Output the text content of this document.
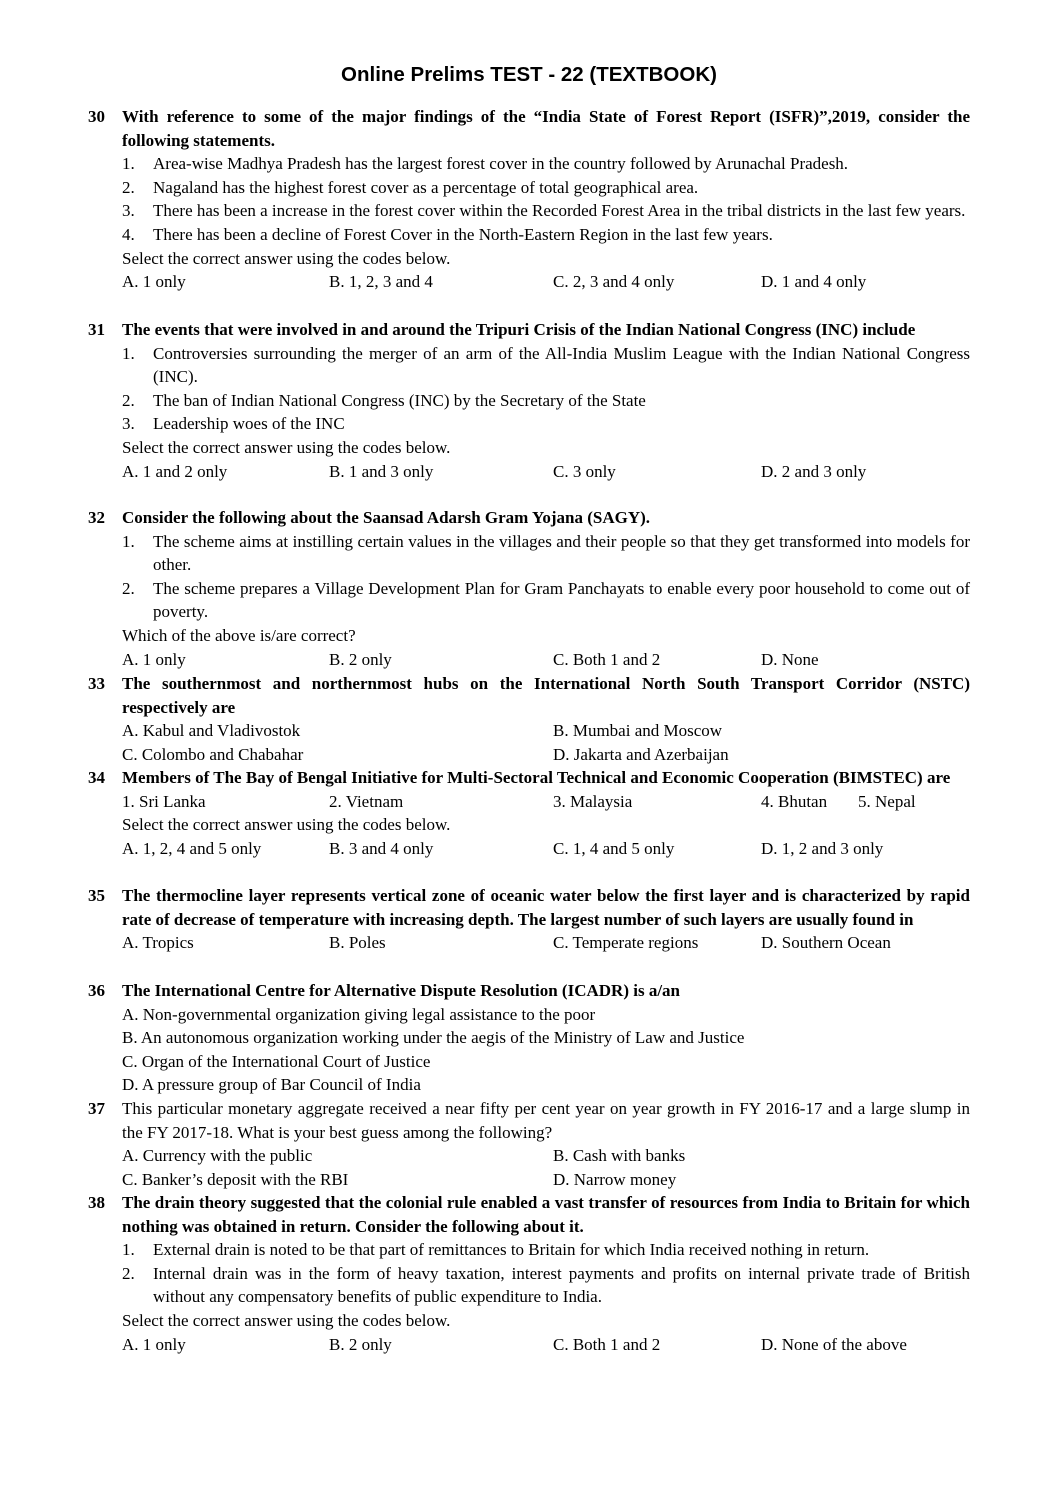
Online Prelims TEST - 22 (TEXTBOOK)
30 With reference to some of the major findings of the “India State of Forest Report (ISFR)”,2019, consider the following statements.
1. Area-wise Madhya Pradesh has the largest forest cover in the country followed by Arunachal Pradesh.
2. Nagaland has the highest forest cover as a percentage of total geographical area.
3. There has been a increase in the forest cover within the Recorded Forest Area in the tribal districts in the last few years.
4. There has been a decline of Forest Cover in the North-Eastern Region in the last few years.
Select the correct answer using the codes below.
A. 1 only	B. 1, 2, 3 and 4	C. 2, 3 and 4 only	D. 1 and 4 only
31 The events that were involved in and around the Tripuri Crisis of the Indian National Congress (INC) include
1. Controversies surrounding the merger of an arm of the All-India Muslim League with the Indian National Congress (INC).
2. The ban of Indian National Congress (INC) by the Secretary of the State
3. Leadership woes of the INC
Select the correct answer using the codes below.
A. 1 and 2 only	B. 1 and 3 only	C. 3 only	D. 2 and 3 only
32 Consider the following about the Saansad Adarsh Gram Yojana (SAGY).
1. The scheme aims at instilling certain values in the villages and their people so that they get transformed into models for other.
2. The scheme prepares a Village Development Plan for Gram Panchayats to enable every poor household to come out of poverty.
Which of the above is/are correct?
A. 1 only	B. 2 only	C. Both 1 and 2	D. None
33 The southernmost and northernmost hubs on the International North South Transport Corridor (NSTC) respectively are
A. Kabul and Vladivostok	B. Mumbai and Moscow
C. Colombo and Chabahar	D. Jakarta and Azerbaijan
34 Members of The Bay of Bengal Initiative for Multi-Sectoral Technical and Economic Cooperation (BIMSTEC) are
1. Sri Lanka	2. Vietnam	3. Malaysia	4. Bhutan 5. Nepal
Select the correct answer using the codes below.
A. 1, 2, 4 and 5 only	B. 3 and 4 only	C. 1, 4 and 5 only	D. 1, 2 and 3 only
35 The thermocline layer represents vertical zone of oceanic water below the first layer and is characterized by rapid rate of decrease of temperature with increasing depth. The largest number of such layers are usually found in
A. Tropics	B. Poles	C. Temperate regions	D. Southern Ocean
36 The International Centre for Alternative Dispute Resolution (ICADR) is a/an
A. Non-governmental organization giving legal assistance to the poor
B. An autonomous organization working under the aegis of the Ministry of Law and Justice
C. Organ of the International Court of Justice
D. A pressure group of Bar Council of India
37 This particular monetary aggregate received a near fifty per cent year on year growth in FY 2016-17 and a large slump in the FY 2017-18. What is your best guess among the following?
A. Currency with the public	B. Cash with banks
C. Banker’s deposit with the RBI	D. Narrow money
38 The drain theory suggested that the colonial rule enabled a vast transfer of resources from India to Britain for which nothing was obtained in return. Consider the following about it.
1. External drain is noted to be that part of remittances to Britain for which India received nothing in return.
2. Internal drain was in the form of heavy taxation, interest payments and profits on internal private trade of British without any compensatory benefits of public expenditure to India.
Select the correct answer using the codes below.
A. 1 only	B. 2 only	C. Both 1 and 2	D. None of the above
